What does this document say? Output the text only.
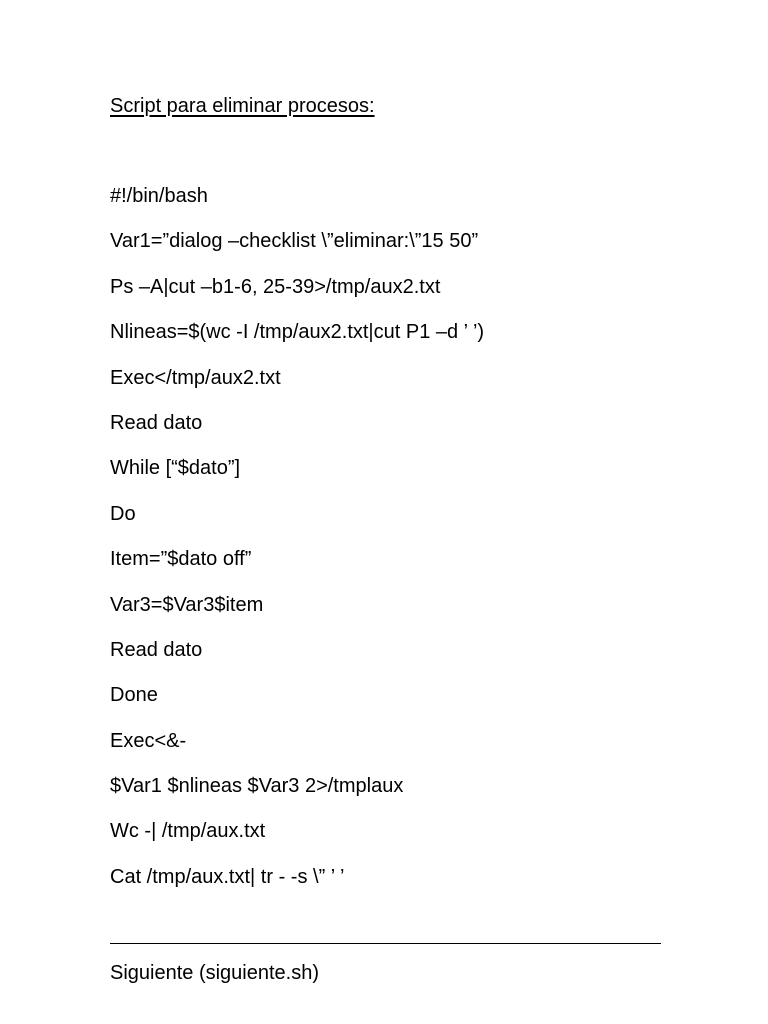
Script para eliminar procesos:
#!/bin/bash
Var1=”dialog –checklist \”eliminar:\”15 50”
Ps –A|cut –b1-6, 25-39>/tmp/aux2.txt
Nlineas=$(wc -I /tmp/aux2.txt|cut P1 –d ’ ’)
Exec</tmp/aux2.txt
Read dato
While [“$dato”]
Do
Item=”$dato off”
Var3=$Var3$item
Read dato
Done
Exec<&-
$Var1 $nlineas $Var3 2>/tmplaux
Wc -| /tmp/aux.txt
Cat /tmp/aux.txt| tr - -s \” ’ ’
Siguiente (siguiente.sh)
